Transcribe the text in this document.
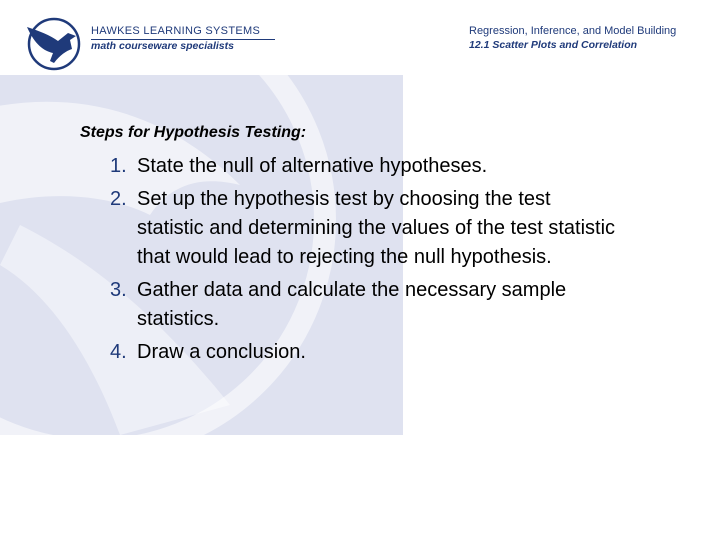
HAWKES LEARNING SYSTEMS
math courseware specialists
Regression, Inference, and Model Building
12.1 Scatter Plots and Correlation
Steps for Hypothesis Testing:
1. State the null of alternative hypotheses.
2. Set up the hypothesis test by choosing the test statistic and determining the values of the test statistic that would lead to rejecting the null hypothesis.
3. Gather data and calculate the necessary sample statistics.
4. Draw a conclusion.
